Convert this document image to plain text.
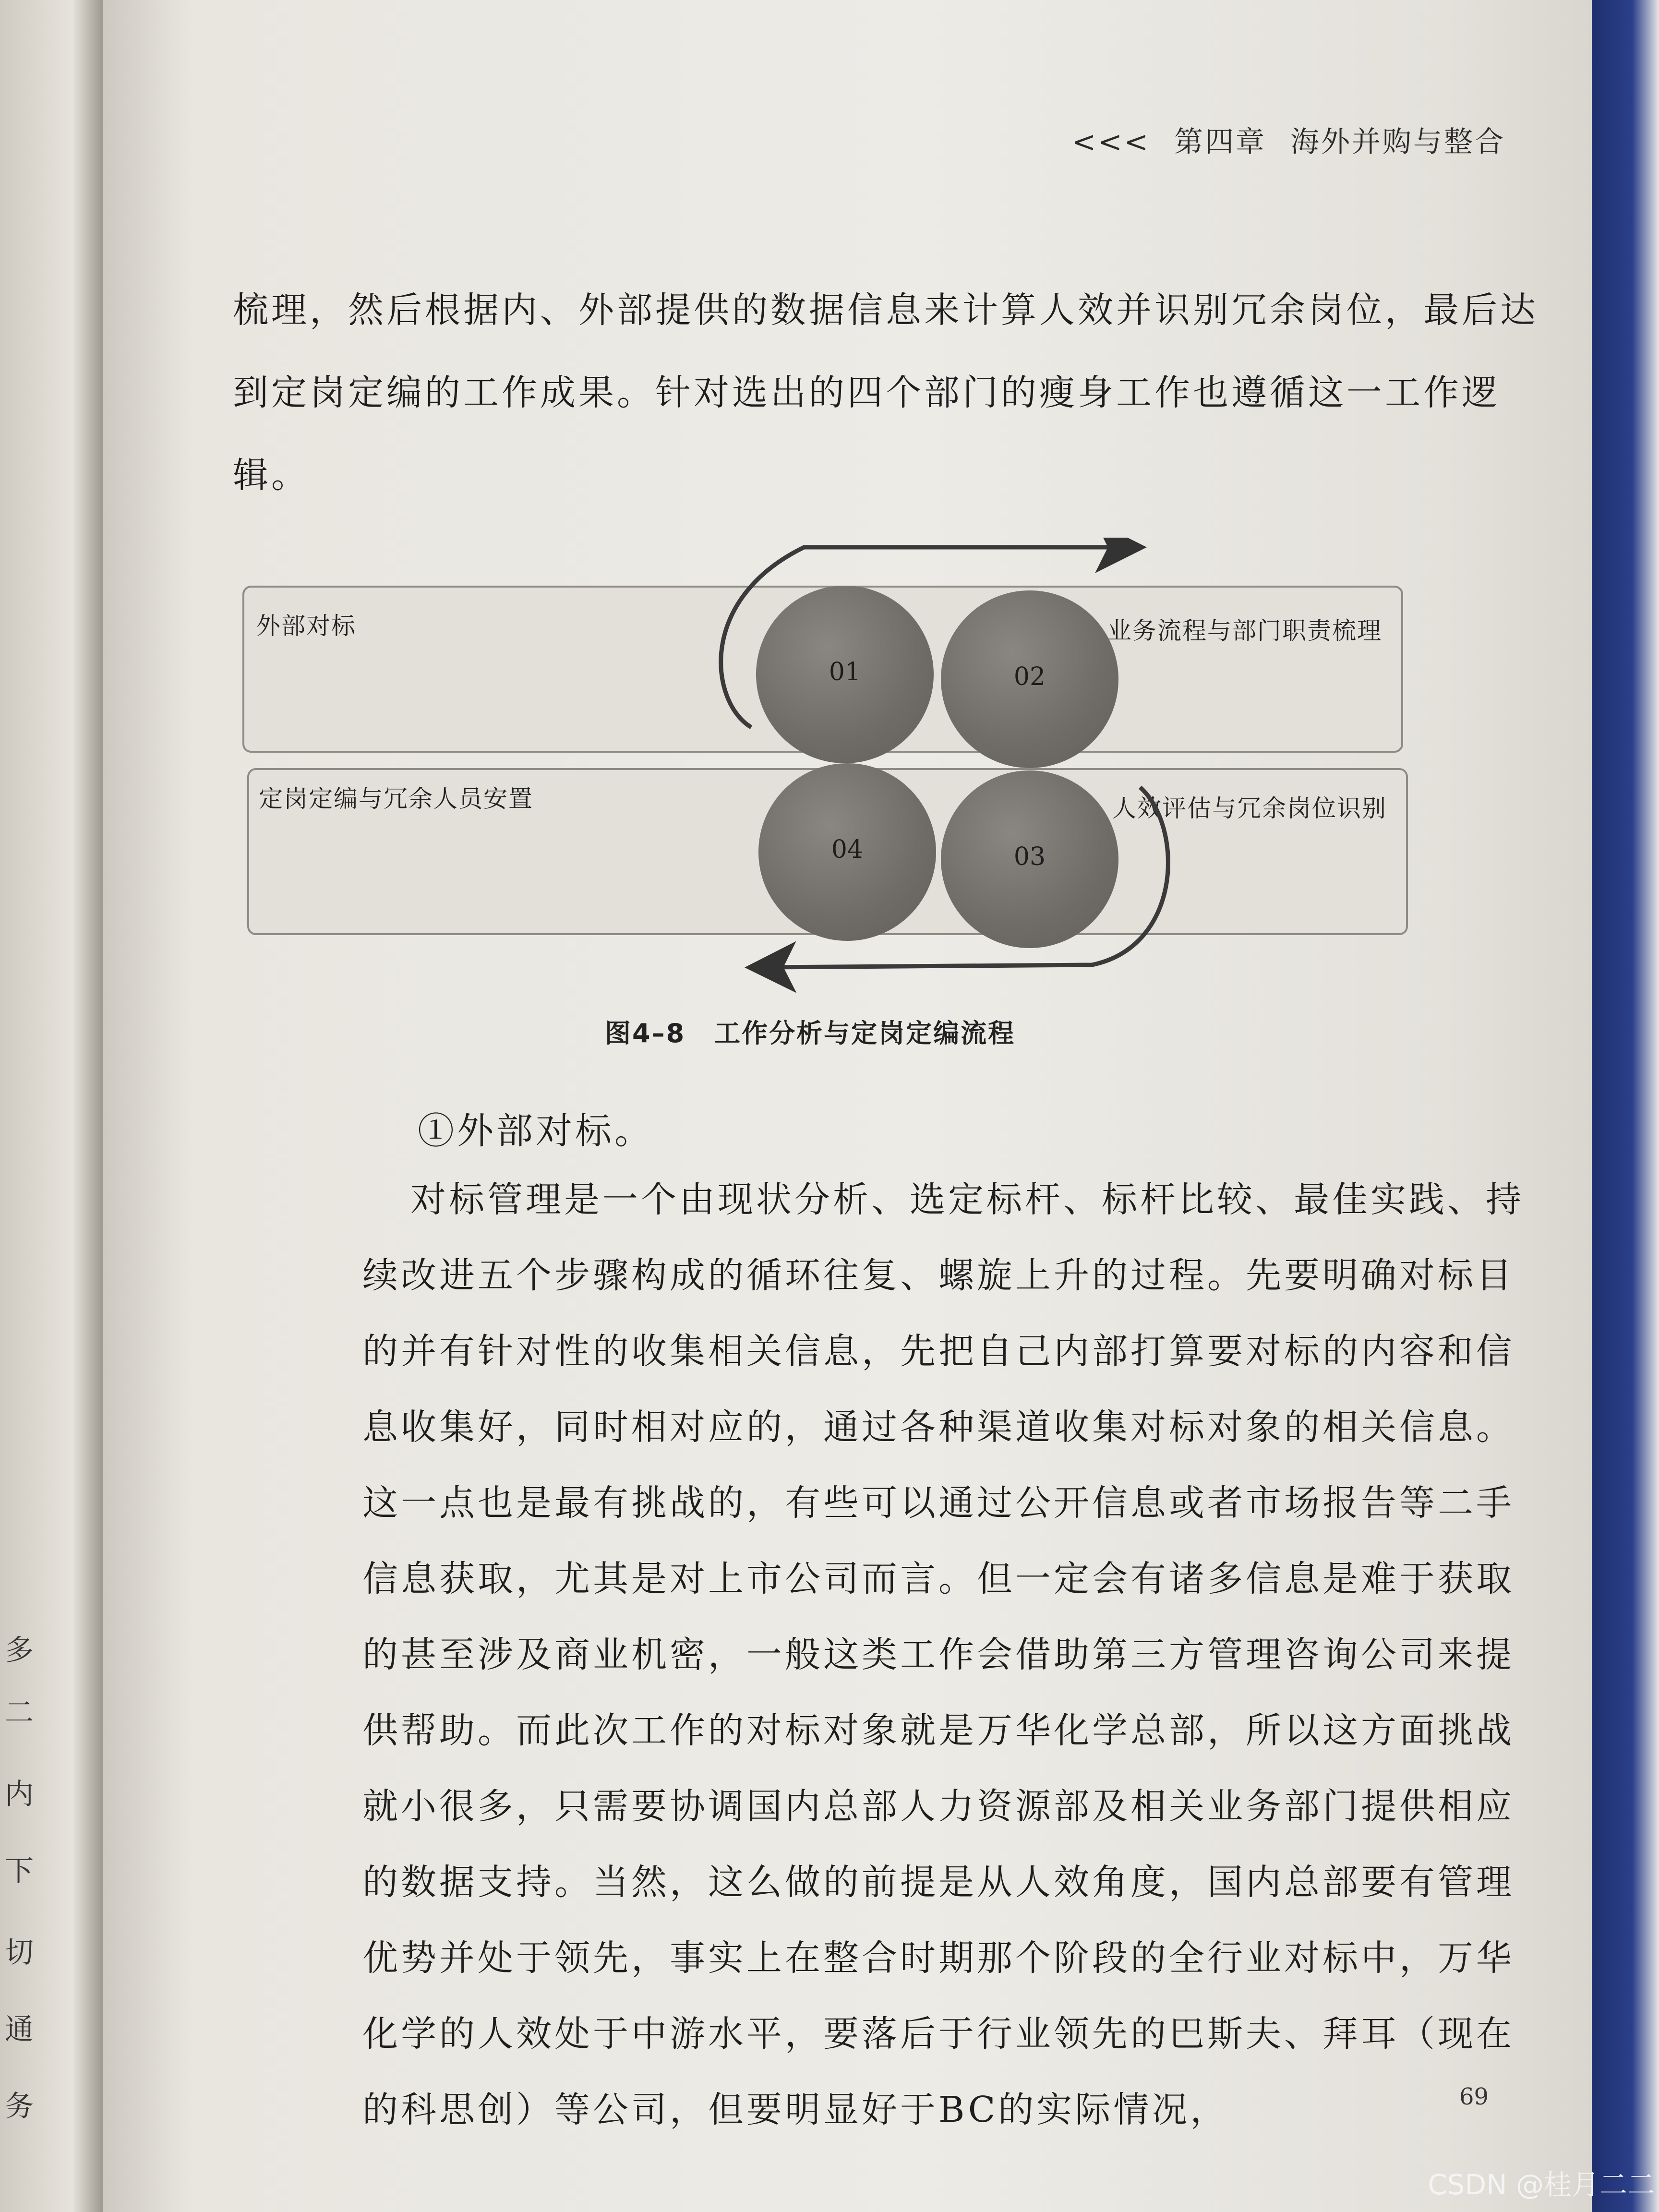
多
二
内
下
切
通
务
<<< 第四章 海外并购与整合
梳理，然后根据内、外部提供的数据信息来计算人效并识别冗余岗位，最后达到定岗定编的工作成果。针对选出的四个部门的瘦身工作也遵循这一工作逻辑。
外部对标	业务流程与部门职责梳理
定岗定编与冗余人员安置	人效评估与冗余岗位识别
01	02
03
04
图4–8 工作分析与定岗定编流程
①外部对标。
对标管理是一个由现状分析、选定标杆、标杆比较、最佳实践、持续改进五个步骤构成的循环往复、螺旋上升的过程。先要明确对标目的并有针对性的收集相关信息，先把自己内部打算要对标的内容和信息收集好，同时相对应的，通过各种渠道收集对标对象的相关信息。这一点也是最有挑战的，有些可以通过公开信息或者市场报告等二手信息获取，尤其是对上市公司而言。但一定会有诸多信息是难于获取的甚至涉及商业机密，一般这类工作会借助第三方管理咨询公司来提供帮助。而此次工作的对标对象就是万华化学总部，所以这方面挑战就小很多，只需要协调国内总部人力资源部及相关业务部门提供相应的数据支持。当然，这么做的前提是从人效角度，国内总部要有管理优势并处于领先，事实上在整合时期那个阶段的全行业对标中，万华化学的人效处于中游水平，要落后于行业领先的巴斯夫、拜耳（现在的科思创）等公司，但要明显好于BC的实际情况，	69
CSDN @桂月二二
